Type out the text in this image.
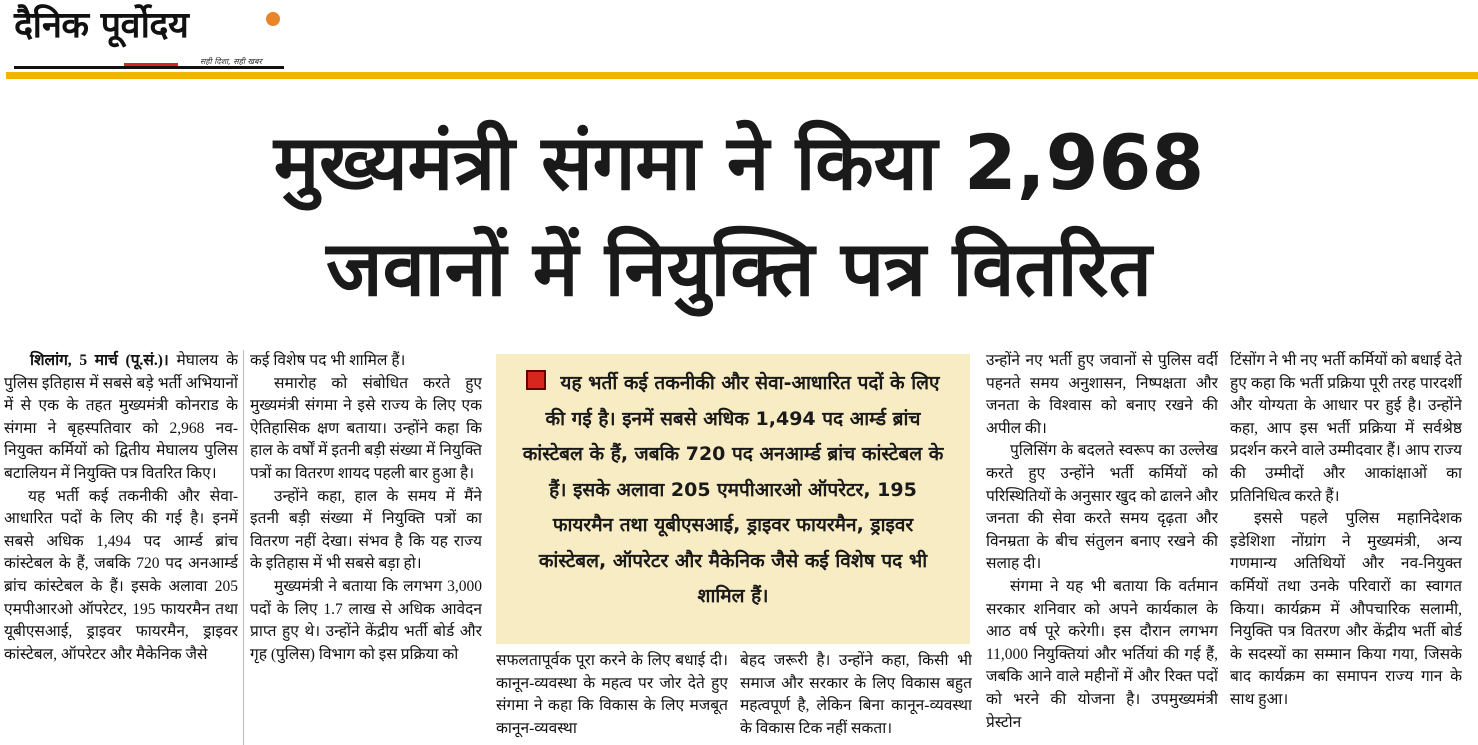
दैनिक पूर्वोदय
सही दिशा, सही खबर
मुख्यमंत्री संगमा ने किया 2,968
जवानों में नियुक्ति पत्र वितरित

शिलांग, 5 मार्च (पू.सं.)। मेघालय के पुलिस इतिहास में सबसे बड़े भर्ती अभियानों में से एक के तहत मुख्यमंत्री कोनराड के संगमा ने बृहस्पतिवार को 2,968 नव-नियुक्त कर्मियों को द्वितीय मेघालय पुलिस बटालियन में नियुक्ति पत्र वितरित किए।

यह भर्ती कई तकनीकी और सेवा-आधारित पदों के लिए की गई है। इनमें सबसे अधिक 1,494 पद आर्म्ड ब्रांच कांस्टेबल के हैं, जबकि 720 पद अनआर्म्ड ब्रांच कांस्टेबल के हैं। इसके अलावा 205 एमपीआरओ ऑपरेटर, 195 फायरमैन तथा यूबीएसआई, ड्राइवर फायरमैन, ड्राइवर कांस्टेबल, ऑपरेटर और मैकेनिक जैसे

कई विशेष पद भी शामिल हैं।

समारोह को संबोधित करते हुए मुख्यमंत्री संगमा ने इसे राज्य के लिए एक ऐतिहासिक क्षण बताया। उन्होंने कहा कि हाल के वर्षों में इतनी बड़ी संख्या में नियुक्ति पत्रों का वितरण शायद पहली बार हुआ है।

उन्होंने कहा, हाल के समय में मैंने इतनी बड़ी संख्या में नियुक्ति पत्रों का वितरण नहीं देखा। संभव है कि यह राज्य के इतिहास में भी सबसे बड़ा हो।

मुख्यमंत्री ने बताया कि लगभग 3,000 पदों के लिए 1.7 लाख से अधिक आवेदन प्राप्त हुए थे। उन्होंने केंद्रीय भर्ती बोर्ड और गृह (पुलिस) विभाग को इस प्रक्रिया को

यह भर्ती कई तकनीकी और सेवा-आधारित पदों के लिए की गई है। इनमें सबसे अधिक 1,494 पद आर्म्ड ब्रांच कांस्टेबल के हैं, जबकि 720 पद अनआर्म्ड ब्रांच कांस्टेबल के हैं। इसके अलावा 205 एमपीआरओ ऑपरेटर, 195 फायरमैन तथा यूबीएसआई, ड्राइवर फायरमैन, ड्राइवर कांस्टेबल, ऑपरेटर और मैकेनिक जैसे कई विशेष पद भी शामिल हैं।

सफलतापूर्वक पूरा करने के लिए बधाई दी। कानून-व्यवस्था के महत्व पर जोर देते हुए संगमा ने कहा कि विकास के लिए मजबूत कानून-व्यवस्था

बेहद जरूरी है। उन्होंने कहा, किसी भी समाज और सरकार के लिए विकास बहुत महत्वपूर्ण है, लेकिन बिना कानून-व्यवस्था के विकास टिक नहीं सकता।

उन्होंने नए भर्ती हुए जवानों से पुलिस वर्दी पहनते समय अनुशासन, निष्पक्षता और जनता के विश्वास को बनाए रखने की अपील की।

पुलिसिंग के बदलते स्वरूप का उल्लेख करते हुए उन्होंने भर्ती कर्मियों को परिस्थितियों के अनुसार खुद को ढालने और जनता की सेवा करते समय दृढ़ता और विनम्रता के बीच संतुलन बनाए रखने की सलाह दी।

संगमा ने यह भी बताया कि वर्तमान सरकार शनिवार को अपने कार्यकाल के आठ वर्ष पूरे करेगी। इस दौरान लगभग 11,000 नियुक्तियां और भर्तियां की गई हैं, जबकि आने वाले महीनों में और रिक्त पदों को भरने की योजना है। उपमुख्यमंत्री प्रेस्टोन

टिंसोंग ने भी नए भर्ती कर्मियों को बधाई देते हुए कहा कि भर्ती प्रक्रिया पूरी तरह पारदर्शी और योग्यता के आधार पर हुई है। उन्होंने कहा, आप इस भर्ती प्रक्रिया में सर्वश्रेष्ठ प्रदर्शन करने वाले उम्मीदवार हैं। आप राज्य की उम्मीदों और आकांक्षाओं का प्रतिनिधित्व करते हैं।

इससे पहले पुलिस महानिदेशक इडेशिशा नोंग्रांग ने मुख्यमंत्री, अन्य गणमान्य अतिथियों और नव-नियुक्त कर्मियों तथा उनके परिवारों का स्वागत किया। कार्यक्रम में औपचारिक सलामी, नियुक्ति पत्र वितरण और केंद्रीय भर्ती बोर्ड के सदस्यों का सम्मान किया गया, जिसके बाद कार्यक्रम का समापन राज्य गान के साथ हुआ।
